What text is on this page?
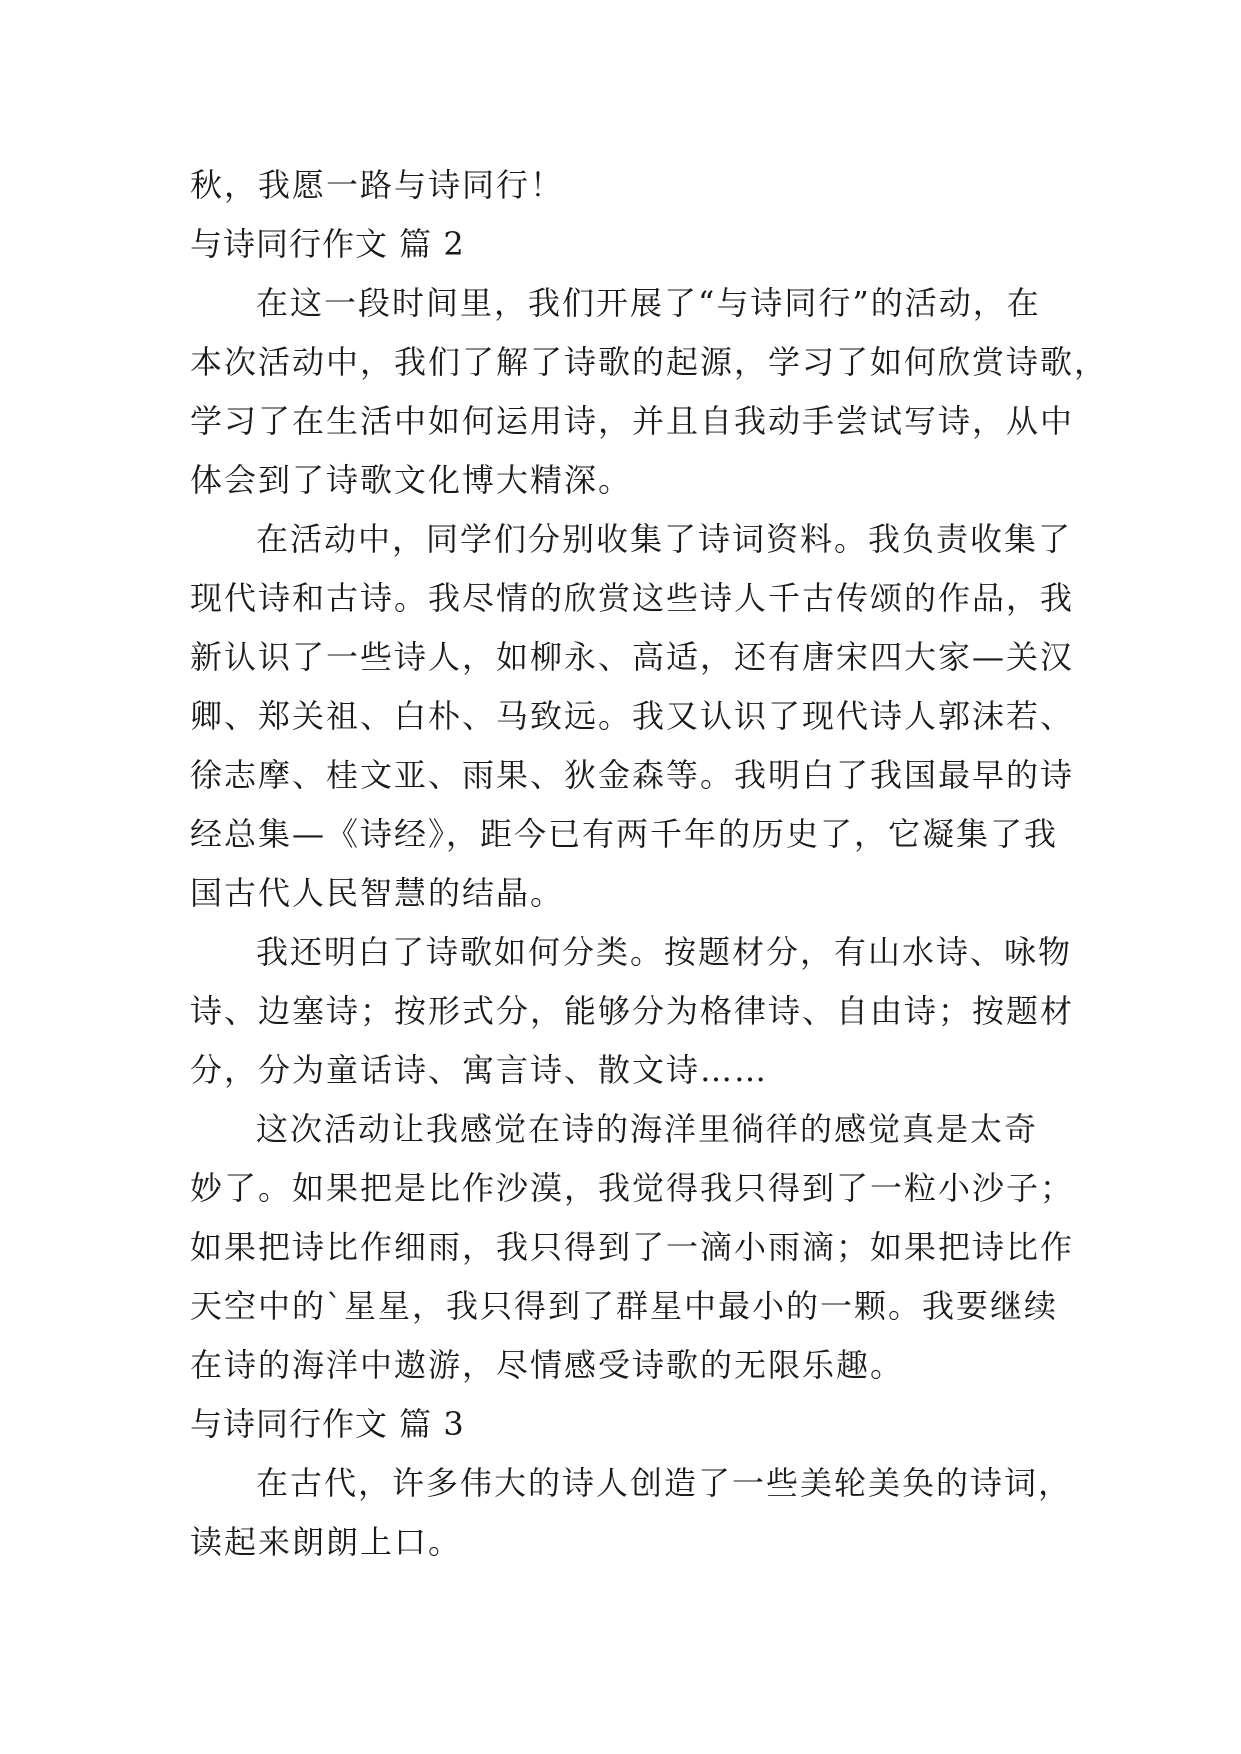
秋，我愿一路与诗同行！
与诗同行作文 篇 2
在这一段时间里，我们开展了“与诗同行”的活动，在
本次活动中，我们了解了诗歌的起源，学习了如何欣赏诗歌，
学习了在生活中如何运用诗，并且自我动手尝试写诗，从中
体会到了诗歌文化博大精深。
在活动中，同学们分别收集了诗词资料。我负责收集了
现代诗和古诗。我尽情的欣赏这些诗人千古传颂的作品，我
新认识了一些诗人，如柳永、高适，还有唐宋四大家—关汉
卿、郑关祖、白朴、马致远。我又认识了现代诗人郭沫若、
徐志摩、桂文亚、雨果、狄金森等。我明白了我国最早的诗
经总集—《诗经》，距今已有两千年的历史了，它凝集了我
国古代人民智慧的结晶。
我还明白了诗歌如何分类。按题材分，有山水诗、咏物
诗、边塞诗；按形式分，能够分为格律诗、自由诗；按题材
分，分为童话诗、寓言诗、散文诗……
这次活动让我感觉在诗的海洋里徜徉的感觉真是太奇
妙了。如果把是比作沙漠，我觉得我只得到了一粒小沙子；
如果把诗比作细雨，我只得到了一滴小雨滴；如果把诗比作
天空中的`星星，我只得到了群星中最小的一颗。我要继续
在诗的海洋中遨游，尽情感受诗歌的无限乐趣。
与诗同行作文 篇 3
在古代，许多伟大的诗人创造了一些美轮美奂的诗词，
读起来朗朗上口。
